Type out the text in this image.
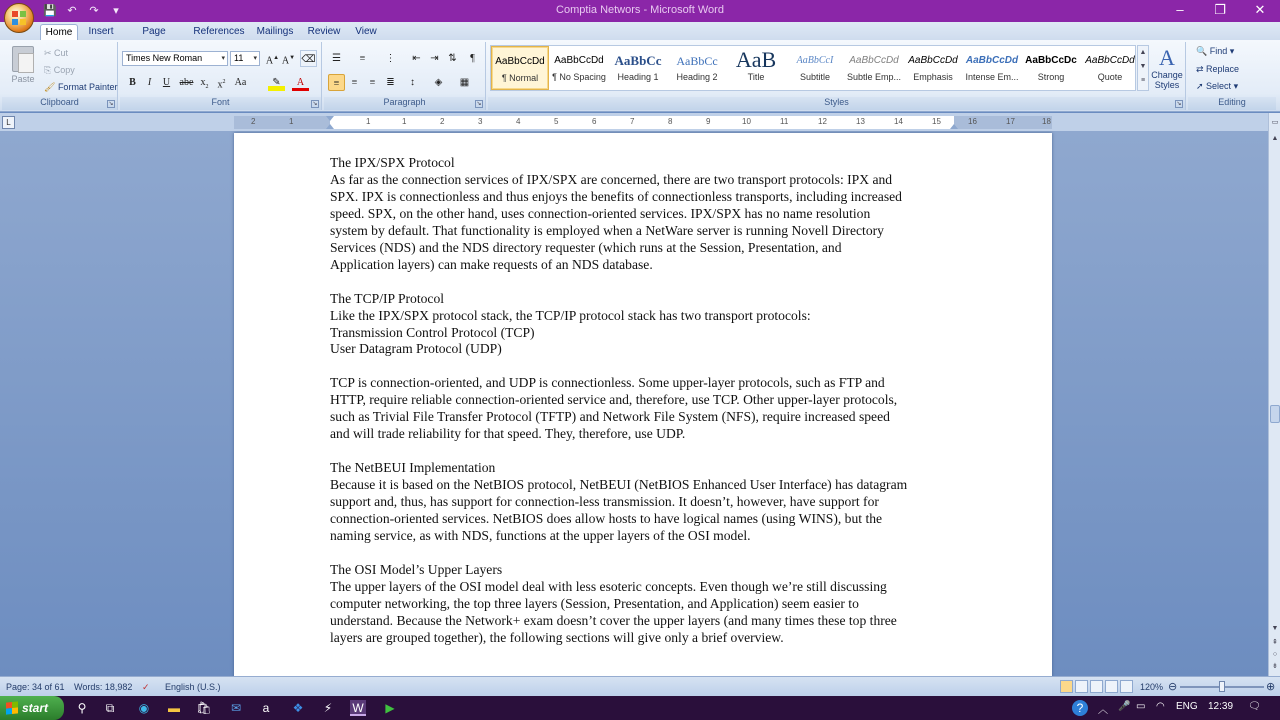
💾 ↶	↷	▾	Comptia Networs - Microsoft Word	–	❐	✕
Home	Insert	Page	References Mailings Review	View
Paste
✂ Cut
⎘ Copy
🖌 Format Painter
Clipboard	↘
Times New Roman	▾	11 ▾ A▲ A▼ ⌫
B	I	U abe $x_2$ $x^2$ Aa	✎	A
Font	↘
☰	≡	⋮	⇤ ⇥ ⇅	¶
≡	≡	≡	≣	↕	◈	▦
Paragraph	↘	Styles	↘	Editing
AaBbCcDd
¶ Normal
AaBbCcDd
¶ No Spacing
AaBbCc
Heading 1
AaBbCc
Heading 2
AaB
Title
AaBbCcI
Subtitle
AaBbCcDd
Subtle Emp...
AaBbCcDd
Emphasis
AaBbCcDd
Intense Em...
AaBbCcDc
Strong
AaBbCcDd
Quote
▲
▼
≡
A
Change Styles
🔍 Find ▾
⇄ Replace
➚ Select ▾
L	2	1	1	1	2	3	4	5	6	7	8	9	10	11	12	13	14	15	16	17	18

The IPX/SPX Protocol

As far as the connection services of IPX/SPX are concerned, there are two transport protocols: IPX and

SPX. IPX is connectionless and thus enjoys the benefits of connectionless transports, including increased

speed. SPX, on the other hand, uses connection-oriented services. IPX/SPX has no name resolution

system by default. That functionality is employed when a NetWare server is running Novell Directory

Services (NDS) and the NDS directory requester (which runs at the Session, Presentation, and

Application layers) can make requests of an NDS database.

The TCP/IP Protocol

Like the IPX/SPX protocol stack, the TCP/IP protocol stack has two transport protocols:

Transmission Control Protocol (TCP)

User Datagram Protocol (UDP)

TCP is connection-oriented, and UDP is connectionless. Some upper-layer protocols, such as FTP and

HTTP, require reliable connection-oriented service and, therefore, use TCP. Other upper-layer protocols,

such as Trivial File Transfer Protocol (TFTP) and Network File System (NFS), require increased speed

and will trade reliability for that speed. They, therefore, use UDP.

The NetBEUI Implementation

Because it is based on the NetBIOS protocol, NetBEUI (NetBIOS Enhanced User Interface) has datagram

support and, thus, has support for connection-less transmission. It doesn’t, however, have support for

connection-oriented services. NetBIOS does allow hosts to have logical names (using WINS), but the

naming service, as with NDS, functions at the upper layers of the OSI model.

The OSI Model’s Upper Layers

The upper layers of the OSI model deal with less esoteric concepts. Even though we’re still discussing

computer networking, the top three layers (Session, Presentation, and Application) seem easier to

understand. Because the Network+ exam doesn’t cover the upper layers (and many times these top three

layers are grouped together), the following sections will give only a brief overview.

▭
▲
▼
⇞
○
⇟
Page: 34 of 61 Words: 18,982 ✓ English (U.S.)	120% ⊖	⊕
start	⚲	⧉	◉ ▬ 🛍 ✉	a	❖	⚡	W ▶	?	︿ 🎤 ▭ ◠ ENG 12:39 🗨
